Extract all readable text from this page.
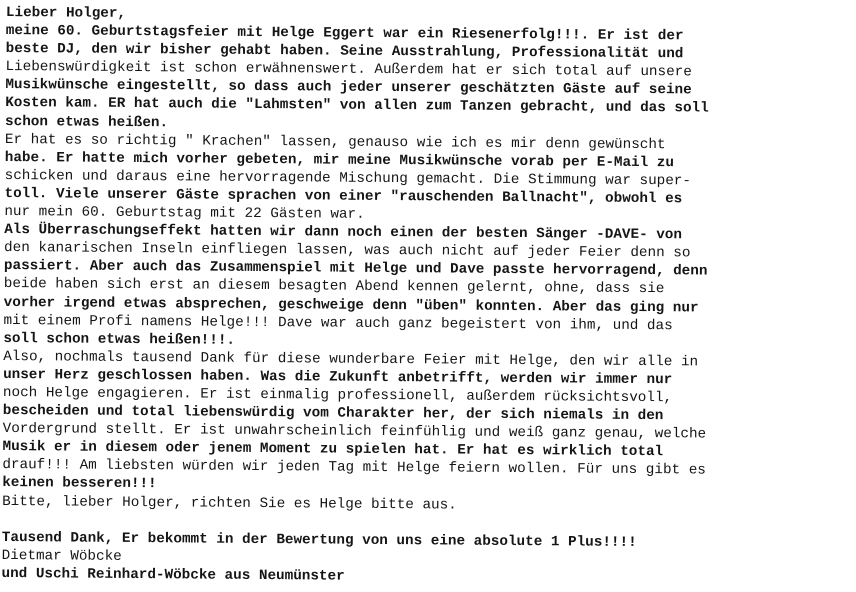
Lieber Holger,
meine 60. Geburtstagsfeier mit Helge Eggert war ein Riesenerfolg!!!. Er ist der
beste DJ, den wir bisher gehabt haben. Seine Ausstrahlung, Professionalität und
Liebenswürdigkeit ist schon erwähnenswert. Außerdem hat er sich total auf unsere
Musikwünsche eingestellt, so dass auch jeder unserer geschätzten Gäste auf seine
Kosten kam. ER hat auch die "Lahmsten" von allen zum Tanzen gebracht, und das soll
schon etwas heißen.
Er hat es so richtig " Krachen" lassen, genauso wie ich es mir denn gewünscht
habe. Er hatte mich vorher gebeten, mir meine Musikwünsche vorab per E-Mail zu
schicken und daraus eine hervorragende Mischung gemacht. Die Stimmung war super-
toll. Viele unserer Gäste sprachen von einer "rauschenden Ballnacht", obwohl es
nur mein 60. Geburtstag mit 22 Gästen war.
Als Überraschungseffekt hatten wir dann noch einen der besten Sänger -DAVE- von
den kanarischen Inseln einfliegen lassen, was auch nicht auf jeder Feier denn so
passiert. Aber auch das Zusammenspiel mit Helge und Dave passte hervorragend, denn
beide haben sich erst an diesem besagten Abend kennen gelernt, ohne, dass sie
vorher irgend etwas absprechen, geschweige denn "üben" konnten. Aber das ging nur
mit einem Profi namens Helge!!! Dave war auch ganz begeistert von ihm, und das
soll schon etwas heißen!!!.
Also, nochmals tausend Dank für diese wunderbare Feier mit Helge, den wir alle in
unser Herz geschlossen haben. Was die Zukunft anbetrifft, werden wir immer nur
noch Helge engagieren. Er ist einmalig professionell, außerdem rücksichtsvoll,
bescheiden und total liebenswürdig vom Charakter her, der sich niemals in den
Vordergrund stellt. Er ist unwahrscheinlich feinfühlig und weiß ganz genau, welche
Musik er in diesem oder jenem Moment zu spielen hat. Er hat es wirklich total
drauf!!! Am liebsten würden wir jeden Tag mit Helge feiern wollen. Für uns gibt es
keinen besseren!!!
Bitte, lieber Holger, richten Sie es Helge bitte aus.
Tausend Dank, Er bekommt in der Bewertung von uns eine absolute 1 Plus!!!!
Dietmar Wöbcke
und Uschi Reinhard-Wöbcke aus Neumünster
